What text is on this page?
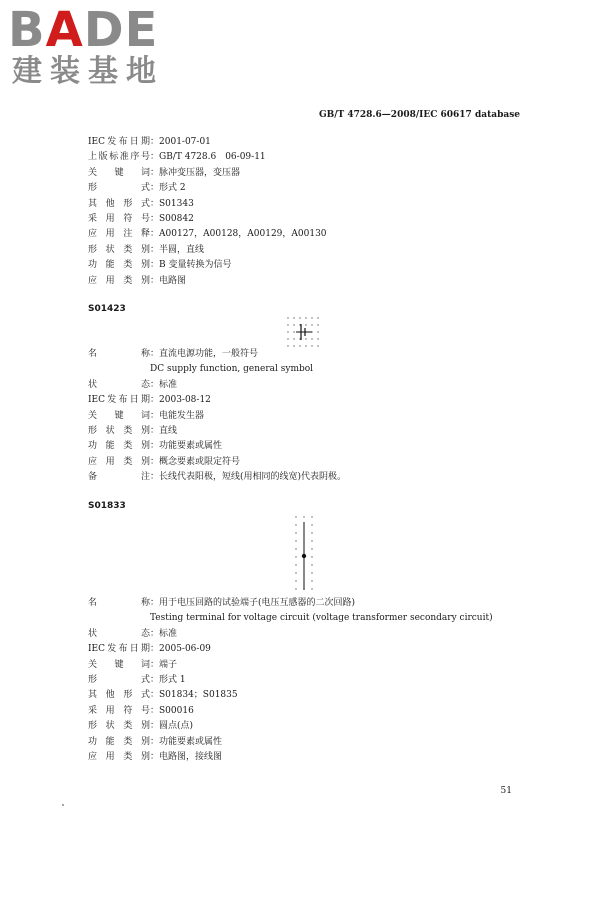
BADE
建装基地
GB/T 4728.6—2008/IEC 60617 database
IEC发布日期 ： 2001-07-01
上版标准序号 ： GB/T 4728.6　06-09-11
关　键　词 ： 脉冲变压器，变压器
形　　　式 ： 形式 2
其 他 形 式 ： S01343
采 用 符 号 ： S00842
应 用 注 释 ： A00127，A00128，A00129，A00130
形 状 类 别 ： 半圆，直线
功 能 类 别 ： B 变量转换为信号
应 用 类 别 ： 电路图
S01423
名　　　称 ： 直流电源功能，一般符号
DC supply function, general symbol
状　　　态 ： 标准
IEC发布日期 ： 2003-08-12
关　键　词 ： 电能发生器
形 状 类 别 ： 直线
功 能 类 别 ： 功能要素或属性
应 用 类 别 ： 概念要素或限定符号
备　　　注 ： 长线代表阳极，短线(用相同的线宽)代表阴极。
S01833
名　　　称 ： 用于电压回路的试验端子(电压互感器的二次回路)
Testing terminal for voltage circuit (voltage transformer secondary circuit)
状　　　态 ： 标准
IEC发布日期 ： 2005-06-09
关　键　词 ： 端子
形　　　式 ： 形式 1
其 他 形 式 ： S01834；S01835
采 用 符 号 ： S00016
形 状 类 别 ： 圆点(点)
功 能 类 别 ： 功能要素或属性
应 用 类 别 ： 电路图，接线图
51
